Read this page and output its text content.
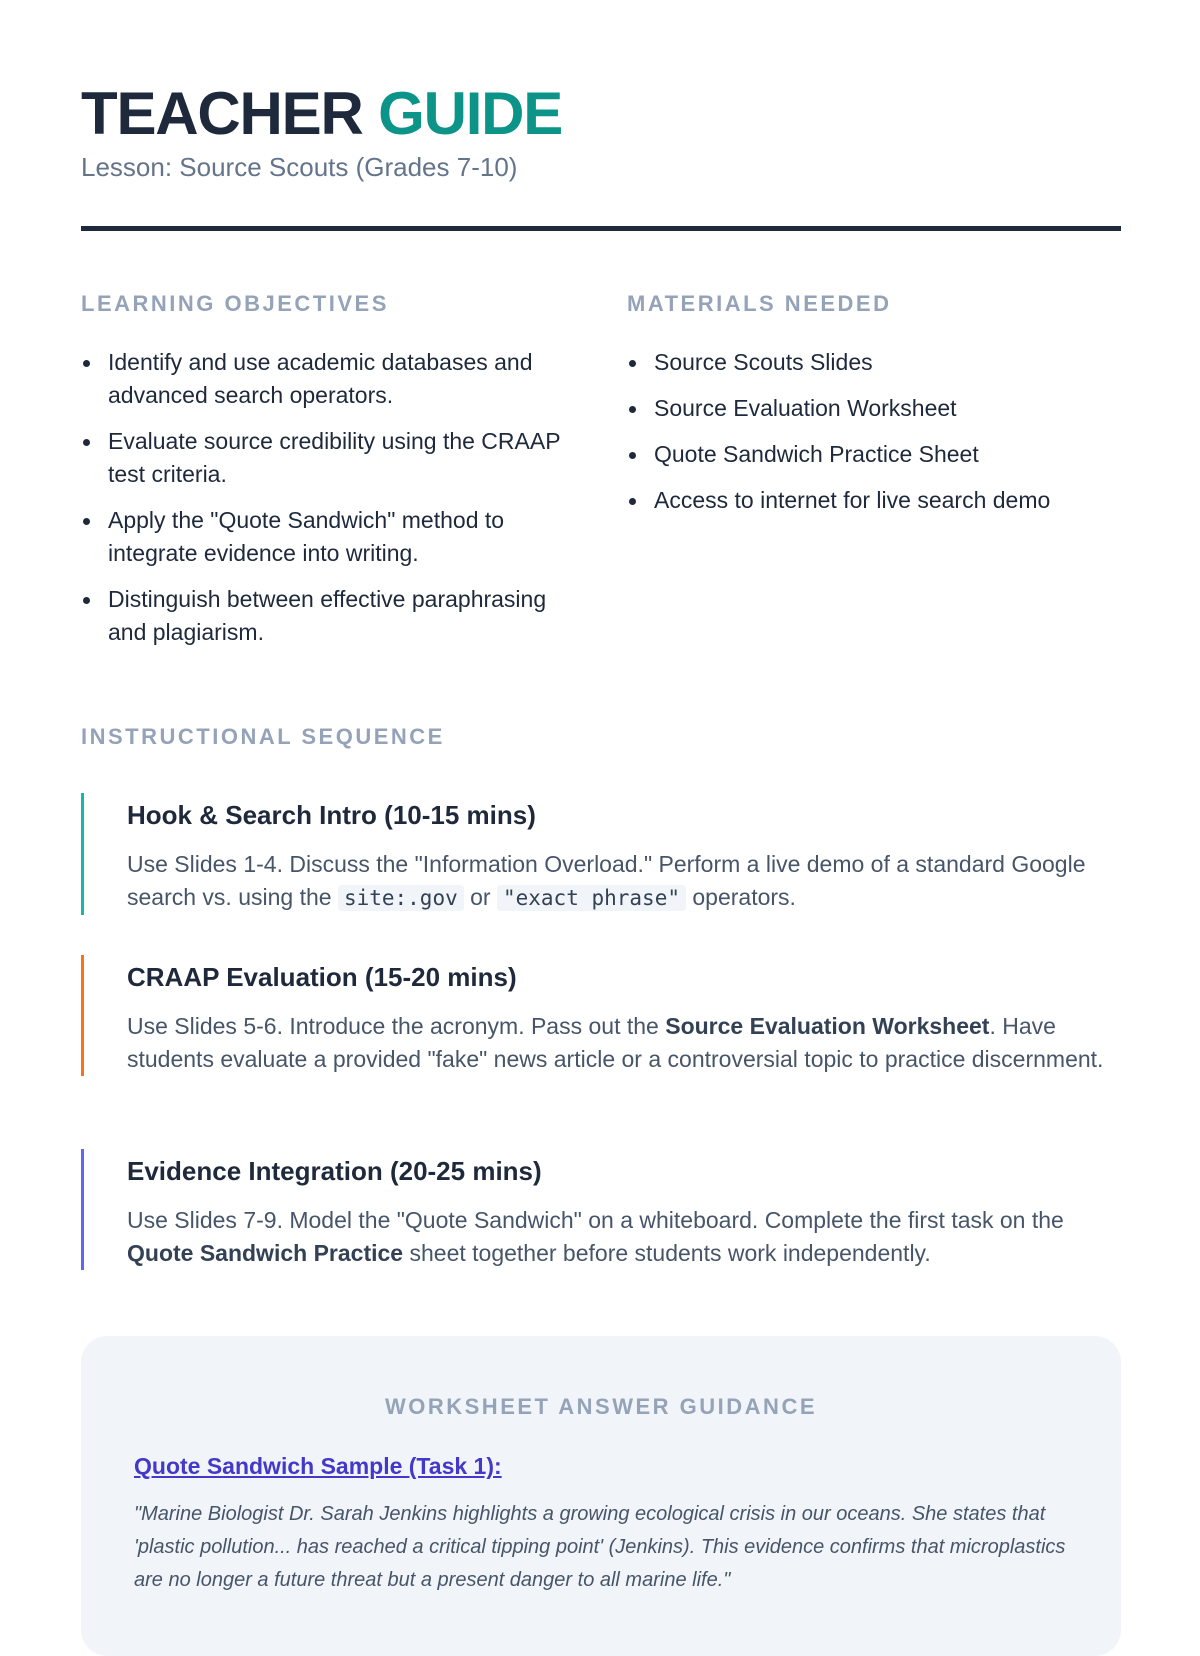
TEACHER GUIDE
Lesson: Source Scouts (Grades 7-10)
LEARNING OBJECTIVES
Identify and use academic databases and advanced search operators.
Evaluate source credibility using the CRAAP test criteria.
Apply the "Quote Sandwich" method to integrate evidence into writing.
Distinguish between effective paraphrasing and plagiarism.
MATERIALS NEEDED
Source Scouts Slides
Source Evaluation Worksheet
Quote Sandwich Practice Sheet
Access to internet for live search demo
INSTRUCTIONAL SEQUENCE
Hook & Search Intro (10-15 mins)
Use Slides 1-4. Discuss the "Information Overload." Perform a live demo of a standard Google search vs. using the site:.gov or "exact phrase" operators.
CRAAP Evaluation (15-20 mins)
Use Slides 5-6. Introduce the acronym. Pass out the Source Evaluation Worksheet. Have students evaluate a provided "fake" news article or a controversial topic to practice discernment.
Evidence Integration (20-25 mins)
Use Slides 7-9. Model the "Quote Sandwich" on a whiteboard. Complete the first task on the Quote Sandwich Practice sheet together before students work independently.
WORKSHEET ANSWER GUIDANCE
Quote Sandwich Sample (Task 1):
"Marine Biologist Dr. Sarah Jenkins highlights a growing ecological crisis in our oceans. She states that 'plastic pollution... has reached a critical tipping point' (Jenkins). This evidence confirms that microplastics are no longer a future threat but a present danger to all marine life."
